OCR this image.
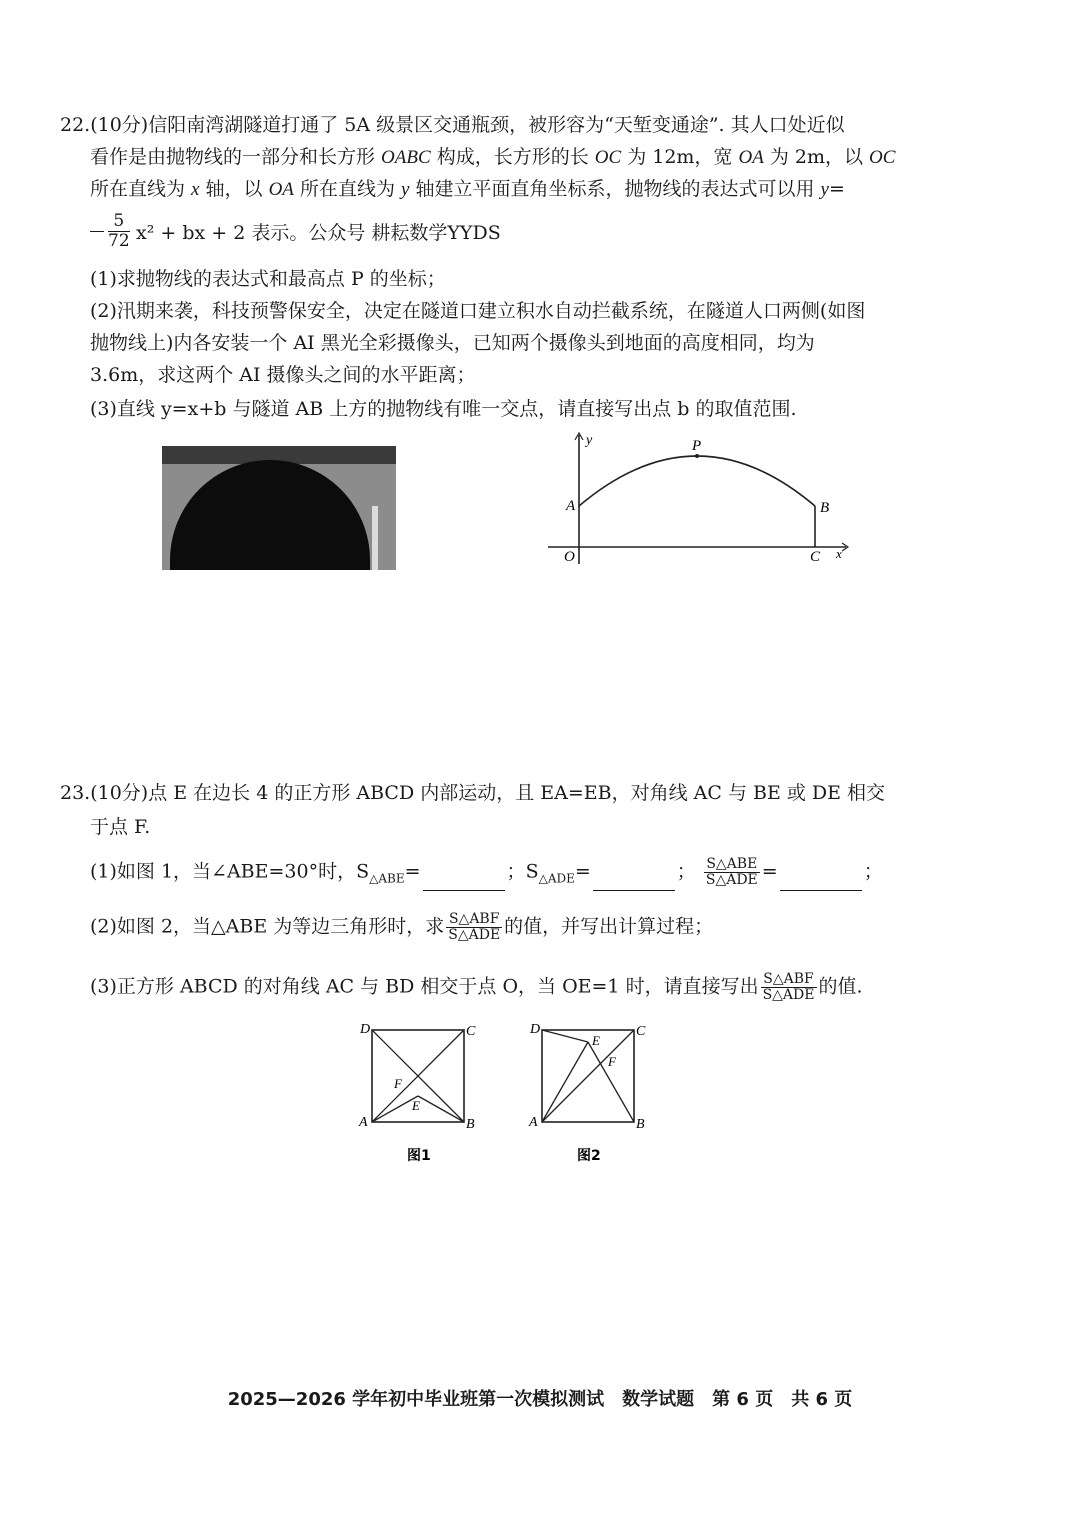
22.(10分)信阳南湾湖隧道打通了 5A 级景区交通瓶颈，被形容为“天堑变通途”. 其人口处近似
看作是由抛物线的一部分和长方形 OABC 构成，长方形的长 OC 为 12m，宽 OA 为 2m，以 OC
所在直线为 x 轴，以 OA 所在直线为 y 轴建立平面直角坐标系，抛物线的表达式可以用 y=
$\frac{5}{72} x^2$ + bx + 2 表示。公众号 耕耘数学YYDS
(1)求抛物线的表达式和最高点 P 的坐标；
(2)汛期来袭，科技预警保安全，决定在隧道口建立积水自动拦截系统，在隧道人口两侧(如图
抛物线上)内各安装一个 AI 黑光全彩摄像头，已知两个摄像头到地面的高度相同，均为
3.6m，求这两个 AI 摄像头之间的水平距离；
(3)直线 y=x+b 与隧道 AB 上方的抛物线有唯一交点，请直接写出点 b 的取值范围.
y	P
A	B
O	C x
23.(10分)点 E 在边长 4 的正方形 ABCD 内部运动，且 EA=EB，对角线 AC 与 BE 或 DE 相交
于点 F.
(1)如图 1，当∠ABE=30°时，$S_{\triangle ABE}=$	；$S_{\triangle ADE}=$	； $\frac{\text{S△ABE}}{\text{S△ADE}}$ =	；
(2)如图 2，当△ABE 为等边三角形时，求 $\frac{\text{S△ABF}}{\text{S△ADE}}$ 的值，并写出计算过程；
(3)正方形 ABCD 的对角线 AC 与 BD 相交于点 O，当 OE=1 时，请直接写出 $\frac{\text{S△ABF}}{\text{S△ADE}}$ 的值.
D	C
F
E
A	B
图1
D	C
E
F
A	B
图2
2025—2026 学年初中毕业班第一次模拟测试　数学试题　第 6 页　共 6 页
